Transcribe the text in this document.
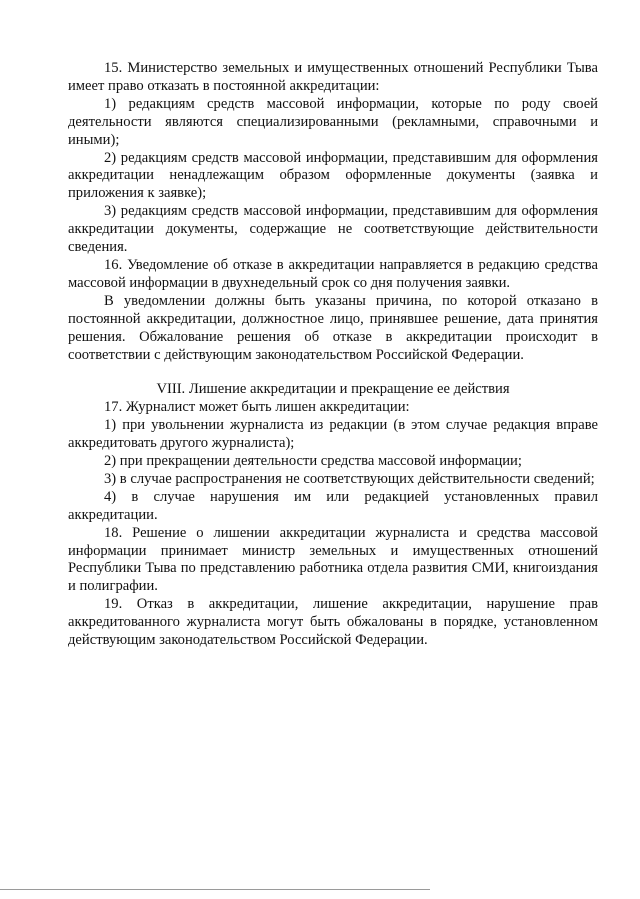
15. Министерство земельных и имущественных отношений Республики Тыва имеет право отказать в постоянной аккредитации:

1) редакциям средств массовой информации, которые по роду своей деятельности являются специализированными (рекламными, справочными и иными);

2) редакциям средств массовой информации, представившим для оформления аккредитации ненадлежащим образом оформленные документы (заявка и приложения к заявке);

3) редакциям средств массовой информации, представившим для оформления аккредитации документы, содержащие не соответствующие действительности сведения.

16. Уведомление об отказе в аккредитации направляется в редакцию средства массовой информации в двухнедельный срок со дня получения заявки.

В уведомлении должны быть указаны причина, по которой отказано в постоянной аккредитации, должностное лицо, принявшее решение, дата принятия решения. Обжалование решения об отказе в аккредитации происходит в соответствии с действующим законодательством Российской Федерации.

VIII. Лишение аккредитации и прекращение ее действия

17. Журналист может быть лишен аккредитации:

1) при увольнении журналиста из редакции (в этом случае редакция вправе аккредитовать другого журналиста);

2) при прекращении деятельности средства массовой информации;

3) в случае распространения не соответствующих действительности сведений;

4) в случае нарушения им или редакцией установленных правил аккредитации.

18. Решение о лишении аккредитации журналиста и средства массовой информации принимает министр земельных и имущественных отношений Республики Тыва по представлению работника отдела развития СМИ, книгоиздания и полиграфии.

19. Отказ в аккредитации, лишение аккредитации, нарушение прав аккредитованного журналиста могут быть обжалованы в порядке, установленном действующим законодательством Российской Федерации.
